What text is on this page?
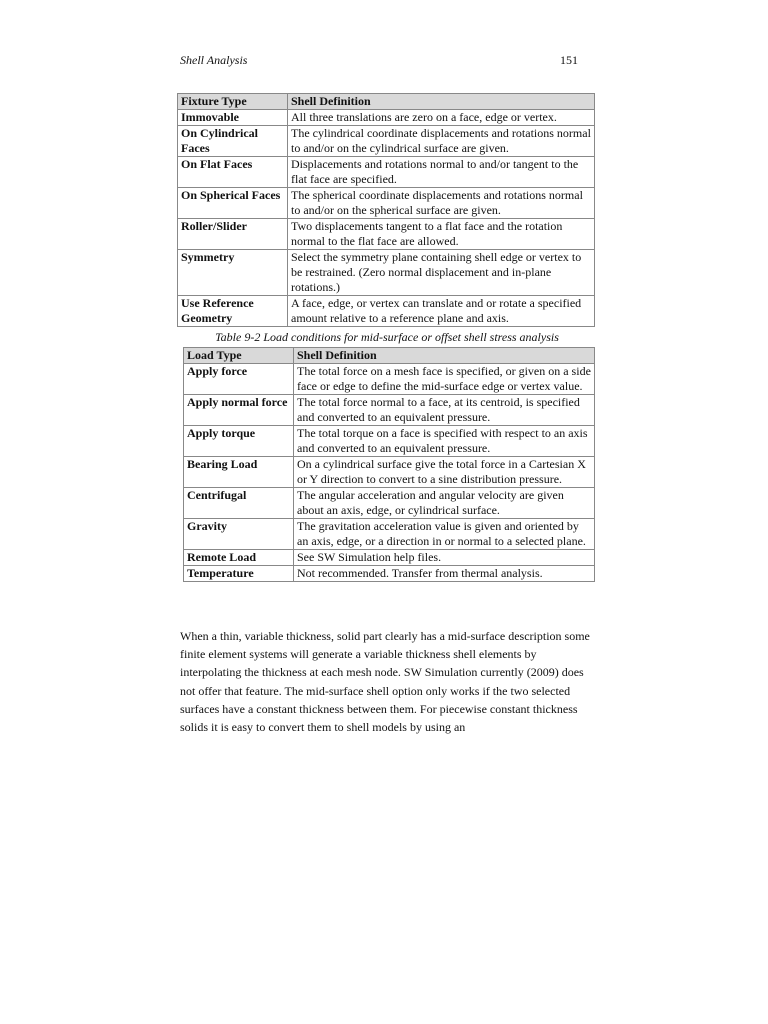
Shell Analysis	151
Fixture Type	Shell Definition
Immovable	All three translations are zero on a face, edge or vertex.
On Cylindrical Faces	The cylindrical coordinate displacements and rotations normal to and/or on the cylindrical surface are given.
On Flat Faces	Displacements and rotations normal to and/or tangent to the flat face are specified.
On Spherical Faces	The spherical coordinate displacements and rotations normal to and/or on the spherical surface are given.
Roller/Slider	Two displacements tangent to a flat face and the rotation normal to the flat face are allowed.
Symmetry	Select the symmetry plane containing shell edge or vertex to be restrained. (Zero normal displacement and in-plane rotations.)
Use Reference Geometry	A face, edge, or vertex can translate and or rotate a specified amount relative to a reference plane and axis.
Table 9-2 Load conditions for mid-surface or offset shell stress analysis
Load Type	Shell Definition
Apply force	The total force on a mesh face is specified, or given on a side face or edge to define the mid-surface edge or vertex value.
Apply normal force	The total force normal to a face, at its centroid, is specified and converted to an equivalent pressure.
Apply torque	The total torque on a face is specified with respect to an axis and converted to an equivalent pressure.
Bearing Load	On a cylindrical surface give the total force in a Cartesian X or Y direction to convert to a sine distribution pressure.
Centrifugal	The angular acceleration and angular velocity are given about an axis, edge, or cylindrical surface.
Gravity	The gravitation acceleration value is given and oriented by an axis, edge, or a direction in or normal to a selected plane.
Remote Load	See SW Simulation help files.
Temperature	Not recommended. Transfer from thermal analysis.

When a thin, variable thickness, solid part clearly has a mid-surface description some finite element systems will generate a variable thickness shell elements by interpolating the thickness at each mesh node. SW Simulation currently (2009) does not offer that feature. The mid-surface shell option only works if the two selected surfaces have a constant thickness between them. For piecewise constant thickness solids it is easy to convert them to shell models by using an
